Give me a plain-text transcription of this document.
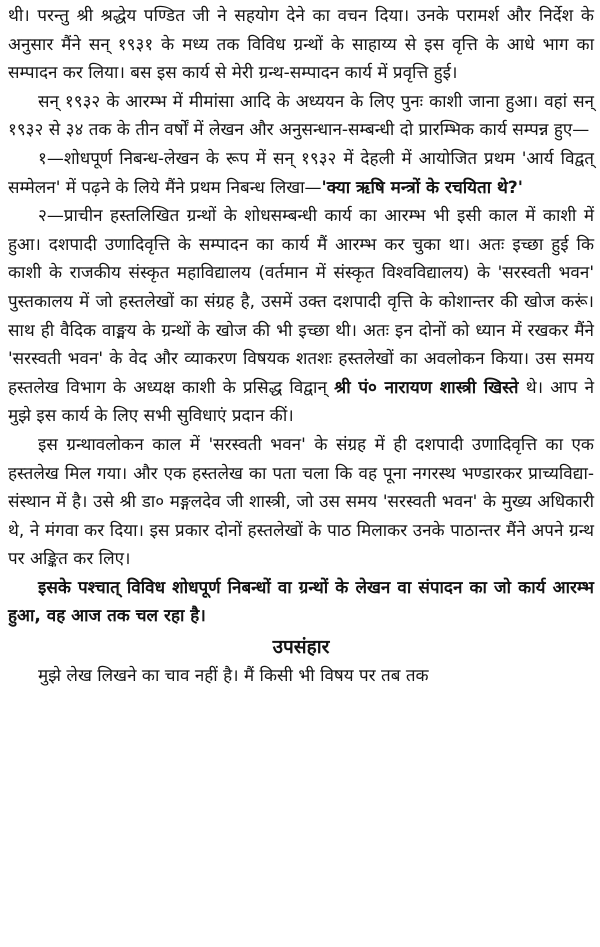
थी। परन्तु श्री श्रद्धेय पण्डित जी ने सहयोग देने का वचन दिया। उनके परामर्श और निर्देश के अनुसार मैंने सन् १९३१ के मध्य तक विविध ग्रन्थों के साहाय्य से इस वृत्ति के आधे भाग का सम्पादन कर लिया। बस इस कार्य से मेरी ग्रन्थ-सम्पादन कार्य में प्रवृत्ति हुई।

सन् १९३२ के आरम्भ में मीमांसा आदि के अध्ययन के लिए पुनः काशी जाना हुआ। वहां सन् १९३२ से ३४ तक के तीन वर्षों में लेखन और अनुसन्धान-सम्बन्धी दो प्रारम्भिक कार्य सम्पन्न हुए—

१—शोधपूर्ण निबन्ध-लेखन के रूप में सन् १९३२ में देहली में आयोजित प्रथम 'आर्य विद्वत् सम्मेलन' में पढ़ने के लिये मैंने प्रथम निबन्ध लिखा—'क्या ऋषि मन्त्रों के रचयिता थे?'

२—प्राचीन हस्तलिखित ग्रन्थों के शोधसम्बन्धी कार्य का आरम्भ भी इसी काल में काशी में हुआ। दशपादी उणादिवृत्ति के सम्पादन का कार्य मैं आरम्भ कर चुका था। अतः इच्छा हुई कि काशी के राजकीय संस्कृत महाविद्यालय (वर्तमान में संस्कृत विश्वविद्यालय) के 'सरस्वती भवन' पुस्तकालय में जो हस्तलेखों का संग्रह है, उसमें उक्त दशपादी वृत्ति के कोशान्तर की खोज करूं। साथ ही वैदिक वाङ्मय के ग्रन्थों के खोज की भी इच्छा थी। अतः इन दोनों को ध्यान में रखकर मैंने 'सरस्वती भवन' के वेद और व्याकरण विषयक शतशः हस्तलेखों का अवलोकन किया। उस समय हस्तलेख विभाग के अध्यक्ष काशी के प्रसिद्ध विद्वान् श्री पं० नारायण शास्त्री खिस्ते थे। आप ने मुझे इस कार्य के लिए सभी सुविधाएं प्रदान कीं।

इस ग्रन्थावलोकन काल में 'सरस्वती भवन' के संग्रह में ही दशपादी उणादिवृत्ति का एक हस्तलेख मिल गया। और एक हस्तलेख का पता चला कि वह पूना नगरस्थ भण्डारकर प्राच्यविद्या-संस्थान में है। उसे श्री डा० मङ्गलदेव जी शास्त्री, जो उस समय 'सरस्वती भवन' के मुख्य अधिकारी थे, ने मंगवा कर दिया। इस प्रकार दोनों हस्तलेखों के पाठ मिलाकर उनके पाठान्तर मैंने अपने ग्रन्थ पर अङ्कित कर लिए।

इसके पश्चात् विविध शोधपूर्ण निबन्धों वा ग्रन्थों के लेखन वा संपादन का जो कार्य आरम्भ हुआ, वह आज तक चल रहा है।

उपसंहार

मुझे लेख लिखने का चाव नहीं है। मैं किसी भी विषय पर तब तक
